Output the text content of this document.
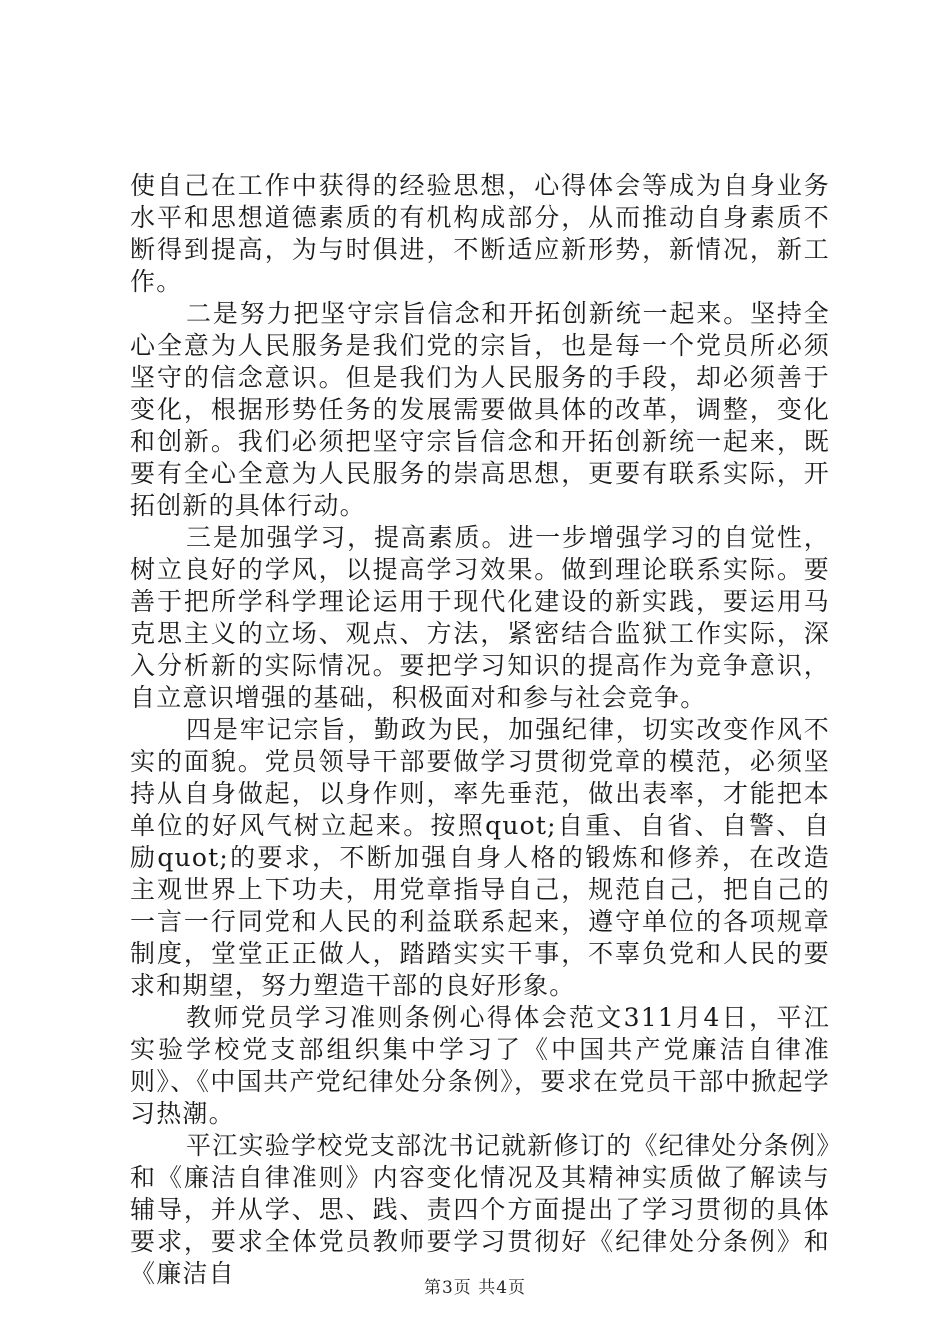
使自己在工作中获得的经验思想，心得体会等成为自身业务水平和思想道德素质的有机构成部分，从而推动自身素质不断得到提高，为与时俱进，不断适应新形势，新情况，新工作。

二是努力把坚守宗旨信念和开拓创新统一起来。坚持全心全意为人民服务是我们党的宗旨，也是每一个党员所必须坚守的信念意识。但是我们为人民服务的手段，却必须善于变化，根据形势任务的发展需要做具体的改革，调整，变化和创新。我们必须把坚守宗旨信念和开拓创新统一起来，既要有全心全意为人民服务的崇高思想，更要有联系实际，开拓创新的具体行动。

三是加强学习，提高素质。进一步增强学习的自觉性，树立良好的学风，以提高学习效果。做到理论联系实际。要善于把所学科学理论运用于现代化建设的新实践，要运用马克思主义的立场、观点、方法，紧密结合监狱工作实际，深入分析新的实际情况。要把学习知识的提高作为竞争意识，自立意识增强的基础，积极面对和参与社会竞争。

四是牢记宗旨，勤政为民，加强纪律，切实改变作风不实的面貌。党员领导干部要做学习贯彻党章的模范，必须坚持从自身做起，以身作则，率先垂范，做出表率，才能把本单位的好风气树立起来。按照quot;自重、自省、自警、自励quot;的要求，不断加强自身人格的锻炼和修养，在改造主观世界上下功夫，用党章指导自己，规范自己，把自己的一言一行同党和人民的利益联系起来，遵守单位的各项规章制度，堂堂正正做人，踏踏实实干事，不辜负党和人民的要求和期望，努力塑造干部的良好形象。

教师党员学习准则条例心得体会范文311月4日，平江实验学校党支部组织集中学习了《中国共产党廉洁自律准则》、《中国共产党纪律处分条例》，要求在党员干部中掀起学习热潮。

平江实验学校党支部沈书记就新修订的《纪律处分条例》和《廉洁自律准则》内容变化情况及其精神实质做了解读与辅导，并从学、思、践、责四个方面提出了学习贯彻的具体要求，要求全体党员教师要学习贯彻好《纪律处分条例》和《廉洁自	第3页 共4页
